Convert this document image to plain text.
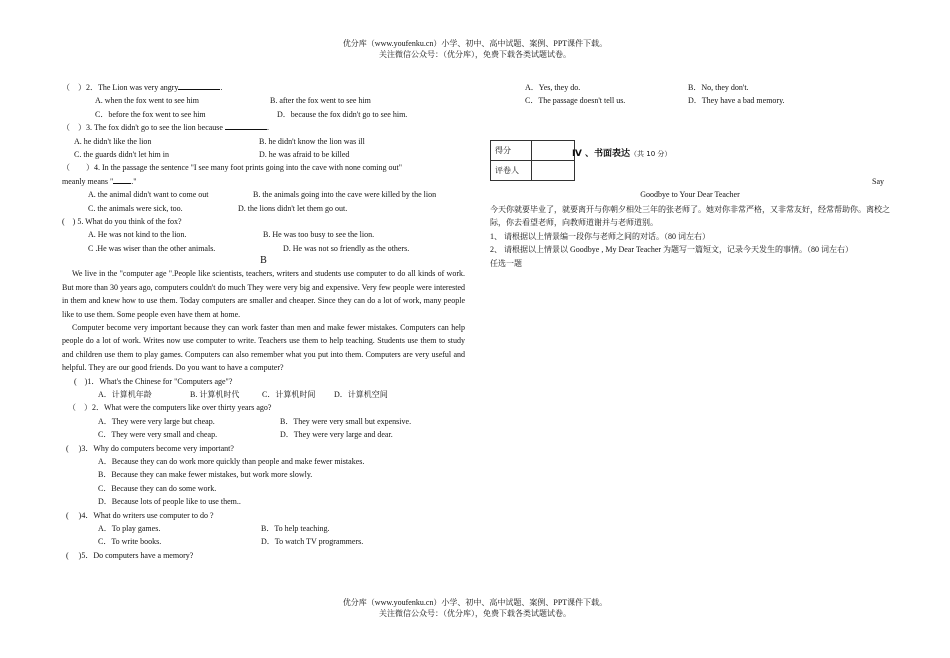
优分库（www.youfenku.cn）小学、初中、高中试题、案例、PPT课件下载。
关注微信公众号：（优分库），免费下载各类试题试卷。
（　）2．The Lion was very angry	.
A. when the fox went to see him	B. after the fox went to see him
C．before the fox went to see him	D．because the fox didn't go to see him.
（　）3. The fox didn't go to see the lion because	.
A. he didn't like the lion	B. he didn't know the lion was ill
C. the guards didn't let him in	D. he was afraid to be killed
（　　）4. In the passage the sentence "I see many foot prints going into the cave with none coming out"
meanly means " ."
A. the animal didn't want to come out	B. the animals going into the cave were killed by the lion
C. the animals were sick, too.	D. the lions didn't let them go out.
(　) 5. What do you think of the fox?
A. He was not kind to the lion.	B. He was too busy to see the lion.
C .He was wiser than the other animals.	D. He was not so friendly as the others.
B

We live in the "computer age ".People like scientists, teachers, writers and students use computer to do all kinds of work. But more than 30 years ago, computers couldn't do much They were very big and expensive. Very few people were interested in them and knew how to use them. Today computers are smaller and cheaper. Since they can do a lot of work, many people like to use them. Some people even have them at home.

Computer become very important because they can work faster than men and make fewer mistakes. Computers can help people do a lot of work. Writes now use computer to write. Teachers use them to help teaching. Students use them to study and children use them to play games. Computers can also remember what you put into them. Computers are very useful and helpful. They are our good friends. Do you want to have a computer?

(　)1．What's the Chinese for "Computers age"?
A．计算机年龄	B. 计算机时代	C．计算机时间 D．计算机空间
（　）2．What were the computers like over thirty years ago?
A．They were very large but cheap.	B．They were very small but expensive.
C．They were very small and cheap.	D．They were very large and dear.
( 　)3．Why do computers become very important?
A．Because they can do work more quickly than people and make fewer mistakes.
B．Because they can make fewer mistakes, but work more slowly.
C．Because they can do some work.
D．Because lots of people like to use them..
( 　)4．What do writers use computer to do ?
A．To play games.	B．To help teaching.
C．To write books.	D．To watch TV programmers.
( 　)5．Do computers have a memory?
A．Yes, they do.	B．No, they don't.
C．The passage doesn't tell us.	D．They have a bad memory.
得分	
评卷人	
Ⅳ 、书面表达（共 10 分）
Say
Goodbye to Your Dear Teacher
今天你就要毕业了，就要离开与你朝夕相处三年的张老师了。她对你非常严格，又非常友好，经常帮助你。离校之际，你去看望老师，向教师道谢并与老师道别。
1、 请根据以上情景编一段你与老师之间的对话。（80 词左右）
2、 请根据以上情景以 Goodbye , My Dear Teacher 为题写一篇短文，记录今天发生的事情。（80 词左右）
任选一题
优分库（www.youfenku.cn）小学、初中、高中试题、案例、PPT课件下载。
关注微信公众号：（优分库），免费下载各类试题试卷。
